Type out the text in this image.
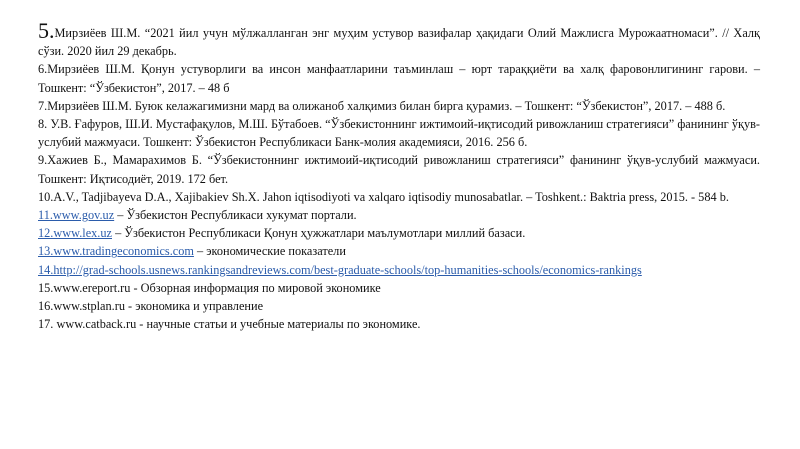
5.Мирзиёев Ш.М. “2021 йил учун мўлжалланган энг муҳим устувор вазифалар ҳақидаги Олий Мажлисга Мурожаатномаси”. // Халқ сўзи. 2020 йил 29 декабрь.

6.Мирзиёев Ш.М. Қонун устуворлиги ва инсон манфаатларини таъминлаш – юрт тараққиёти ва халқ фаровонлигининг гарови. – Тошкент: “Ўзбекистон”, 2017. – 48 б

7.Мирзиёев Ш.М. Буюк келажагимизни мард ва олижаноб халқимиз билан бирга қурамиз. – Тошкент: “Ўзбекистон”, 2017. – 488 б.

8. У.В. Ғафуров, Ш.И. Мустафақулов, М.Ш. Бўтабоев. “Ўзбекистоннинг ижтимоий-иқтисодий ривожланиш стратегияси” фанининг ўқув-услубий мажмуаси. Тошкент: Ўзбекистон Республикаси Банк-молия академияси, 2016. 256 б.

9.Хажиев Б., Мамарахимов Б. “Ўзбекистоннинг ижтимоий-иқтисодий ривожланиш стратегияси” фанининг ўқув-услубий мажмуаси. Тошкент: Иқтисодиёт, 2019. 172 бет.

10.A.V., Tadjibayeva D.A., Xajibakiev Sh.X. Jahon iqtisodiyoti va xalqaro iqtisodiy munosabatlar. – Toshkent.: Baktria press, 2015. - 584 b.

11.www.gov.uz – Ўзбекистон Республикаси хукумат портали.

12.www.lex.uz – Ўзбекистон Республикаси Қонун ҳужжатлари маълумотлари миллий базаси.

13.www.tradingeconomics.com – экономические показатели

14.http://grad-schools.usnews.rankingsandreviews.com/best-graduate-schools/top-humanities-schools/economics-rankings

15.www.ereport.ru - Обзорная информация по мировой экономике

16.www.stplan.ru - экономика и управление

17. www.catback.ru - научные статьи и учебные материалы по экономике.
